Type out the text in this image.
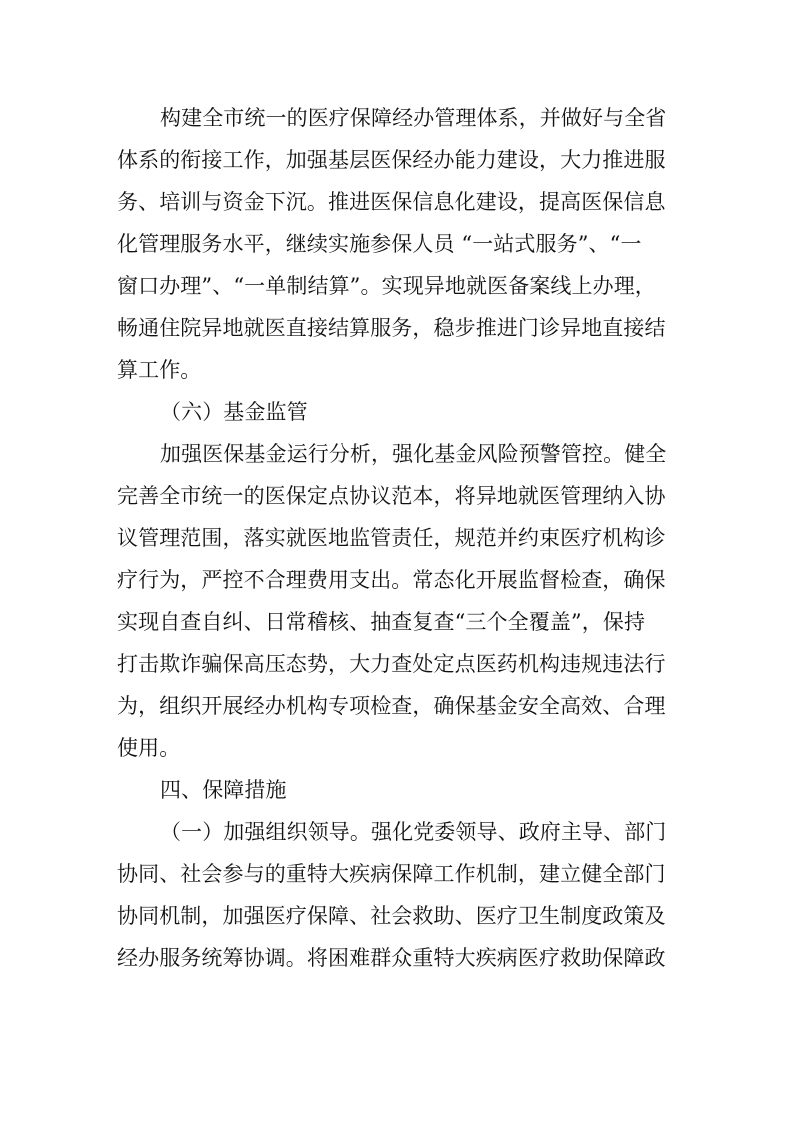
构建全市统一的医疗保障经办管理体系，并做好与全省
体系的衔接工作，加强基层医保经办能力建设，大力推进服
务、培训与资金下沉。推进医保信息化建设，提高医保信息
化管理服务水平，继续实施参保人员 “一站式服务”、“一
窗口办理”、“一单制结算”。实现异地就医备案线上办理，
畅通住院异地就医直接结算服务，稳步推进门诊异地直接结
算工作。
（六）基金监管
加强医保基金运行分析，强化基金风险预警管控。健全
完善全市统一的医保定点协议范本，将异地就医管理纳入协
议管理范围，落实就医地监管责任，规范并约束医疗机构诊
疗行为，严控不合理费用支出。常态化开展监督检查，确保
实现自查自纠、日常稽核、抽查复查“三个全覆盖”，保持
打击欺诈骗保高压态势，大力查处定点医药机构违规违法行
为，组织开展经办机构专项检查，确保基金安全高效、合理
使用。
四、保障措施
（一）加强组织领导。强化党委领导、政府主导、部门
协同、社会参与的重特大疾病保障工作机制，建立健全部门
协同机制，加强医疗保障、社会救助、医疗卫生制度政策及
经办服务统筹协调。将困难群众重特大疾病医疗救助保障政
